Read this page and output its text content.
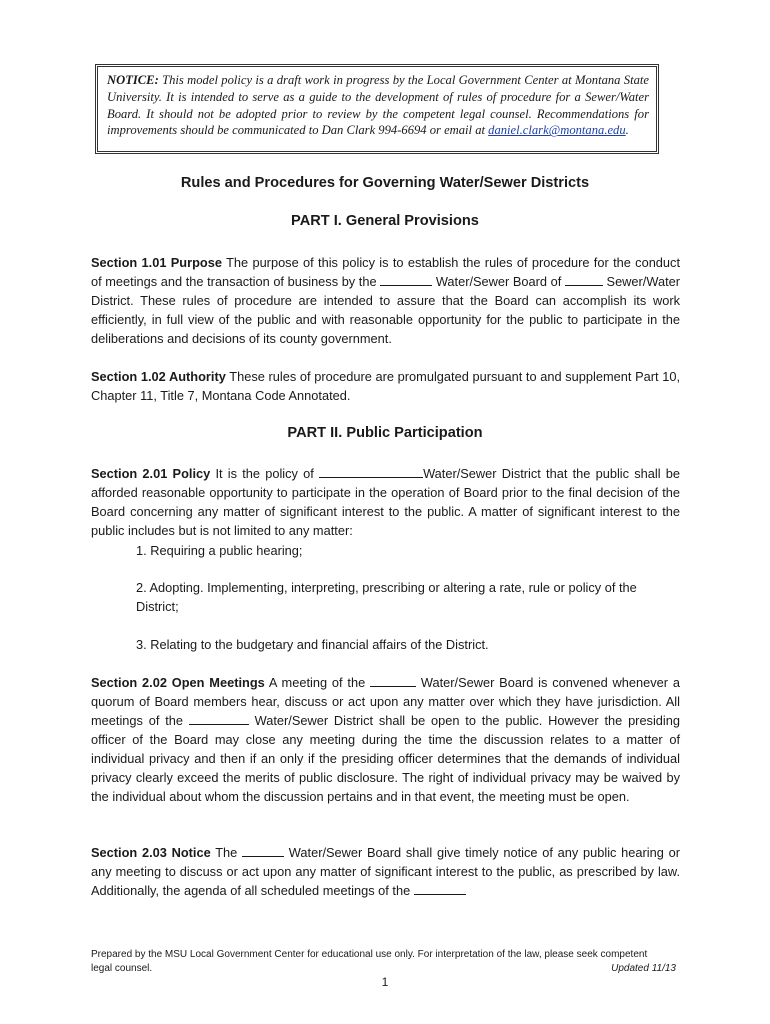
NOTICE: This model policy is a draft work in progress by the Local Government Center at Montana State University. It is intended to serve as a guide to the development of rules of procedure for a Sewer/Water Board. It should not be adopted prior to review by the competent legal counsel. Recommendations for improvements should be communicated to Dan Clark 994-6694 or email at daniel.clark@montana.edu.
Rules and Procedures for Governing Water/Sewer Districts
PART I. General Provisions

Section 1.01 Purpose The purpose of this policy is to establish the rules of procedure for the conduct of meetings and the transaction of business by the	Water/Sewer Board of	Sewer/Water District. These rules of procedure are intended to assure that the Board can accomplish its work efficiently, in full view of the public and with reasonable opportunity for the public to participate in the deliberations and decisions of its county government.

Section 1.02 Authority These rules of procedure are promulgated pursuant to and supplement Part 10, Chapter 11, Title 7, Montana Code Annotated.

PART II. Public Participation

Section 2.01 Policy It is the policy of	Water/Sewer District that the public shall be afforded reasonable opportunity to participate in the operation of Board prior to the final decision of the Board concerning any matter of significant interest to the public. A matter of significant interest to the public includes but is not limited to any matter:

1. Requiring a public hearing;

2. Adopting. Implementing, interpreting, prescribing or altering a rate, rule or policy of the District;

3. Relating to the budgetary and financial affairs of the District.

Section 2.02 Open Meetings A meeting of the	Water/Sewer Board is convened whenever a quorum of Board members hear, discuss or act upon any matter over which they have jurisdiction. All meetings of the	Water/Sewer District shall be open to the public. However the presiding officer of the Board may close any meeting during the time the discussion relates to a matter of individual privacy and then if an only if the presiding officer determines that the demands of individual privacy clearly exceed the merits of public disclosure. The right of individual privacy may be waived by the individual about whom the discussion pertains and in that event, the meeting must be open.

Section 2.03 Notice The	Water/Sewer Board shall give timely notice of any public hearing or any meeting to discuss or act upon any matter of significant interest to the public, as prescribed by law. Additionally, the agenda of all scheduled meetings of the

Prepared by the MSU Local Government Center for educational use only. For interpretation of the law, please seek competent
legal counsel.	Updated 11/13
1
